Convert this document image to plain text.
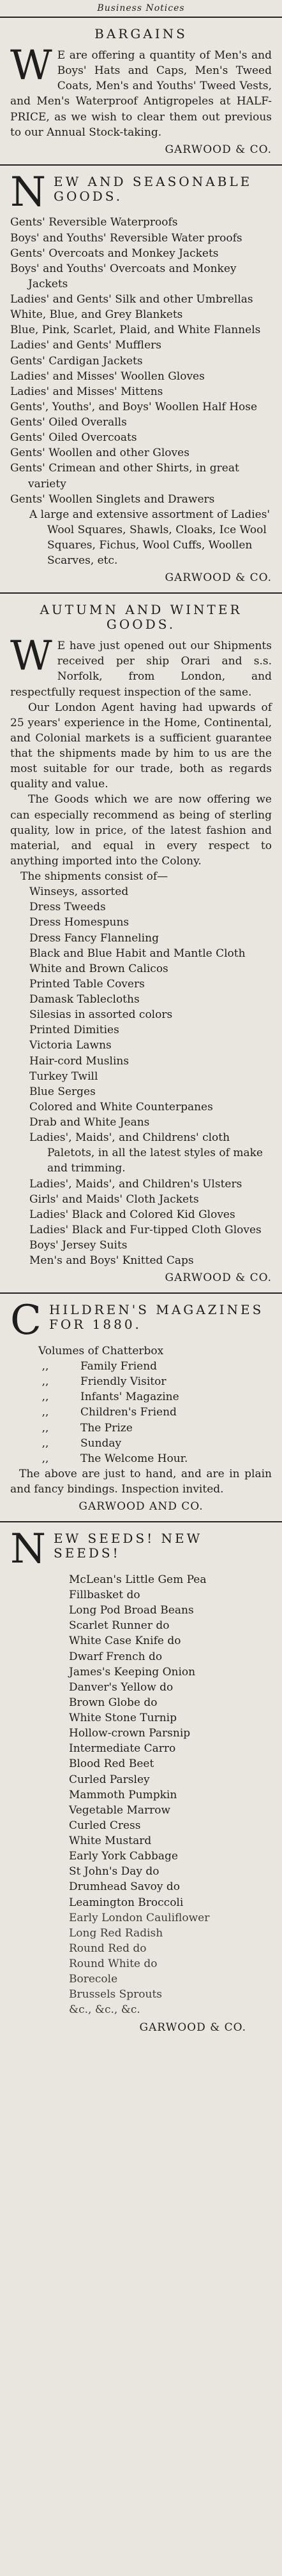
Business Notices
BARGAINS

W E are offering a quantity of Men's and Boys' Hats and Caps, Men's Tweed Coats, Men's and Youths' Tweed Vests, and Men's Waterproof Antigropeles at HALF-PRICE, as we wish to clear them out previous to our Annual Stock-taking.

GARWOOD & CO.
NEW AND SEASONABLE GOODS.
Gents' Reversible Waterproofs
Boys' and Youths' Reversible Water proofs
Gents' Overcoats and Monkey Jackets
Boys' and Youths' Overcoats and Monkey Jackets
Ladies' and Gents' Silk and other Umbrellas
White, Blue, and Grey Blankets
Blue, Pink, Scarlet, Plaid, and White Flannels
Ladies' and Gents' Mufflers
Gents' Cardigan Jackets
Ladies' and Misses' Woollen Gloves
Ladies' and Misses' Mittens
Gents', Youths', and Boys' Woollen Half Hose
Gents' Oiled Overalls
Gents' Oiled Overcoats
Gents' Woollen and other Gloves
Gents' Crimean and other Shirts, in great variety
Gents' Woollen Singlets and Drawers
A large and extensive assortment of Ladies' Wool Squares, Shawls, Cloaks, Ice Wool Squares, Fichus, Wool Cuffs, Woollen Scarves, etc.
GARWOOD & CO.
AUTUMN AND WINTER GOODS.

W E have just opened out our Shipments received per ship Orari and s.s. Norfolk, from London, and respectfully request inspection of the same.

Our London Agent having had upwards of 25 years' experience in the Home, Continental, and Colonial markets is a sufficient guarantee that the shipments made by him to us are the most suitable for our trade, both as regards quality and value.

The Goods which we are now offering we can especially recommend as being of sterling quality, low in price, of the latest fashion and material, and equal in every respect to anything imported into the Colony.

The shipments consist of—

Winseys, assorted
Dress Tweeds
Dress Homespuns
Dress Fancy Flanneling
Black and Blue Habit and Mantle Cloth
White and Brown Calicos
Printed Table Covers
Damask Tablecloths
Silesias in assorted colors
Printed Dimities
Victoria Lawns
Hair-cord Muslins
Turkey Twill
Blue Serges
Colored and White Counterpanes
Drab and White Jeans
Ladies', Maids', and Childrens' cloth Paletots, in all the latest styles of make and trimming.
Ladies', Maids', and Children's Ulsters
Girls' and Maids' Cloth Jackets
Ladies' Black and Colored Kid Gloves
Ladies' Black and Fur-tipped Cloth Gloves
Boys' Jersey Suits
Men's and Boys' Knitted Caps
GARWOOD & CO.
CHILDREN'S MAGAZINES FOR 1880.
Volumes of Chatterbox
,,	Family Friend
,,	Friendly Visitor
,,	Infants' Magazine
,,	Children's Friend
,,	The Prize
,,	Sunday
,,	The Welcome Hour.

The above are just to hand, and are in plain and fancy bindings. Inspection invited.

GARWOOD AND CO.
NEW SEEDS! NEW SEEDS!
McLean's Little Gem Pea
Fillbasket do
Long Pod Broad Beans
Scarlet Runner do
White Case Knife do
Dwarf French do
James's Keeping Onion
Danver's Yellow do
Brown Globe do
White Stone Turnip
Hollow-crown Parsnip
Intermediate Carro
Blood Red Beet
Curled Parsley
Mammoth Pumpkin
Vegetable Marrow
Curled Cress
White Mustard
Early York Cabbage
St John's Day do
Drumhead Savoy do
Leamington Broccoli
Early London Cauliflower
Long Red Radish
Round Red do
Round White do
Borecole
Brussels Sprouts
&c., &c., &c.
GARWOOD & CO.
